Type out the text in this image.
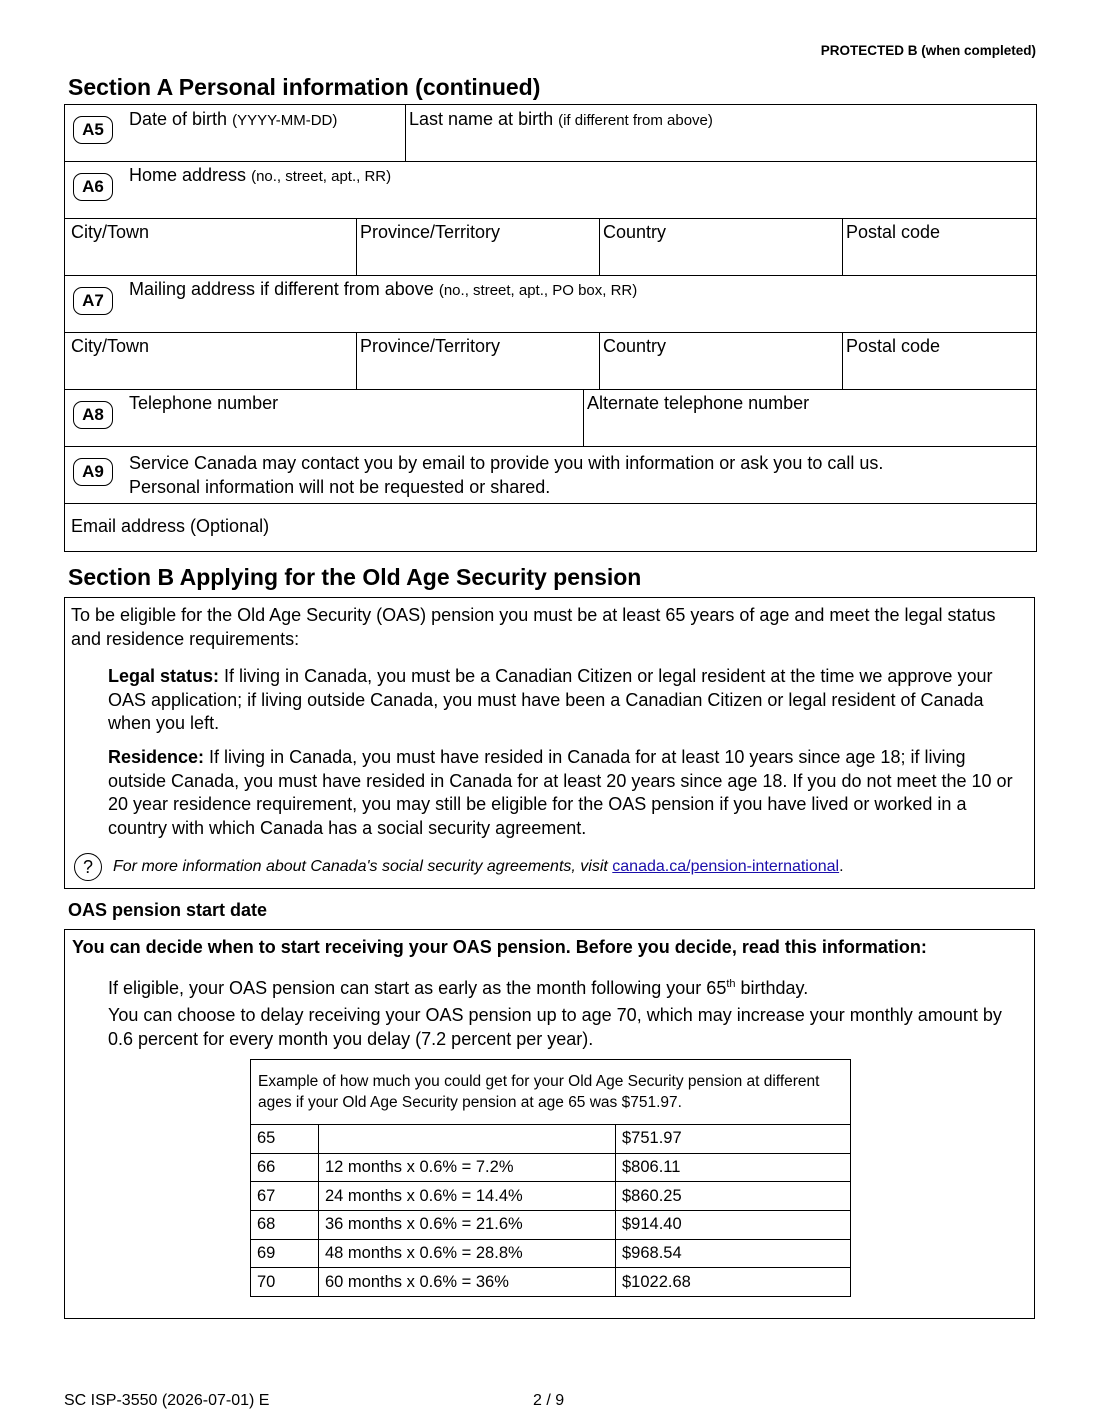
PROTECTED B (when completed)
Section A Personal information (continued)
A5
Date of birth (YYYY-MM-DD)	Last name at birth (if different from above)
A6
Home address (no., street, apt., RR)
City/Town	Province/Territory	Country	Postal code
A7
Mailing address if different from above (no., street, apt., PO box, RR)
City/Town	Province/Territory	Country	Postal code
A8
Telephone number	Alternate telephone number
A9	Service Canada may contact you by email to provide you with information or ask you to call us.
Personal information will not be requested or shared.
Email address (Optional)
Section B Applying for the Old Age Security pension
To be eligible for the Old Age Security (OAS) pension you must be at least 65 years of age and meet the legal status and residence requirements:
Legal status: If living in Canada, you must be a Canadian Citizen or legal resident at the time we approve your OAS application; if living outside Canada, you must have been a Canadian Citizen or legal resident of Canada when you left.
Residence: If living in Canada, you must have resided in Canada for at least 10 years since age 18; if living outside Canada, you must have resided in Canada for at least 20 years since age 18. If you do not meet the 10 or 20 year residence requirement, you may still be eligible for the OAS pension if you have lived or worked in a country with which Canada has a social security agreement.
?	For more information about Canada's social security agreements, visit canada.ca/pension-international.
OAS pension start date
You can decide when to start receiving your OAS pension. Before you decide, read this information:
If eligible, your OAS pension can start as early as the month following your 65th birthday.
You can choose to delay receiving your OAS pension up to age 70, which may increase your monthly amount by 0.6 percent for every month you delay (7.2 percent per year).
Example of how much you could get for your Old Age Security pension at different ages if your Old Age Security pension at age 65 was $751.97.		
65		$751.97
66	12 months x 0.6% = 7.2%	$806.11
67	24 months x 0.6% = 14.4%	$860.25
68	36 months x 0.6% = 21.6%	$914.40
69	48 months x 0.6% = 28.8%	$968.54
70	60 months x 0.6% = 36%	$1022.68
SC ISP-3550 (2026-07-01) E	2 / 9
